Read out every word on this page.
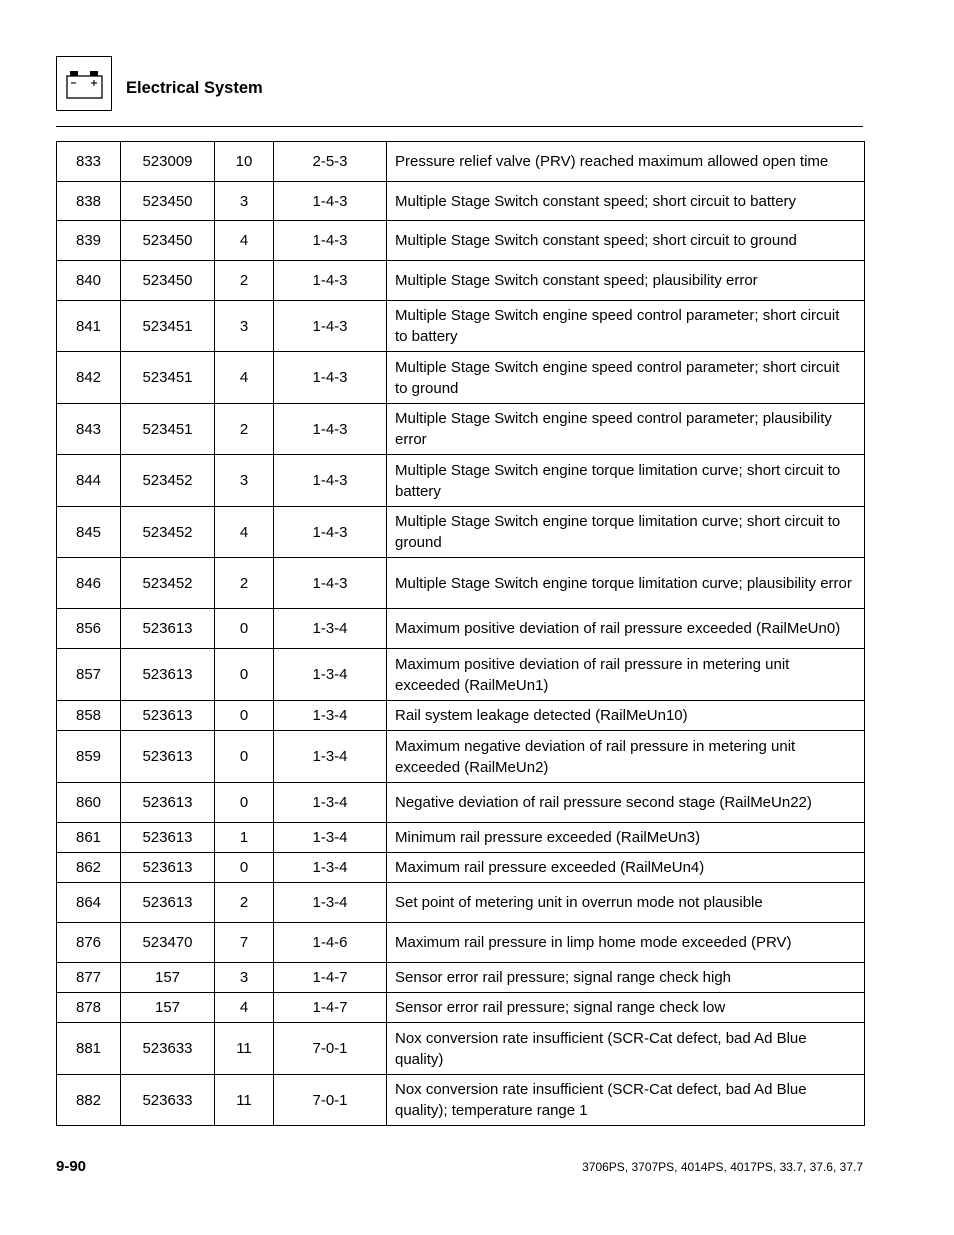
Electrical System
833	523009	10	2-5-3	Pressure relief valve (PRV) reached maximum allowed open time
838	523450	3	1-4-3	Multiple Stage Switch constant speed; short circuit to battery
839	523450	4	1-4-3	Multiple Stage Switch constant speed; short circuit to ground
840	523450	2	1-4-3	Multiple Stage Switch constant speed; plausibility error
841	523451	3	1-4-3	Multiple Stage Switch engine speed control parameter; short circuit to battery
842	523451	4	1-4-3	Multiple Stage Switch engine speed control parameter; short circuit to ground
843	523451	2	1-4-3	Multiple Stage Switch engine speed control parameter; plausibility error
844	523452	3	1-4-3	Multiple Stage Switch engine torque limitation curve; short circuit to battery
845	523452	4	1-4-3	Multiple Stage Switch engine torque limitation curve; short circuit to ground
846	523452	2	1-4-3	Multiple Stage Switch engine torque limitation curve; plausibility error
856	523613	0	1-3-4	Maximum positive deviation of rail pressure exceeded (RailMeUn0)
857	523613	0	1-3-4	Maximum positive deviation of rail pressure in metering unit exceeded (RailMeUn1)
858	523613	0	1-3-4	Rail system leakage detected (RailMeUn10)
859	523613	0	1-3-4	Maximum negative deviation of rail pressure in metering unit exceeded (RailMeUn2)
860	523613	0	1-3-4	Negative deviation of rail pressure second stage (RailMeUn22)
861	523613	1	1-3-4	Minimum rail pressure exceeded (RailMeUn3)
862	523613	0	1-3-4	Maximum rail pressure exceeded (RailMeUn4)
864	523613	2	1-3-4	Set point of metering unit in overrun mode not plausible
876	523470	7	1-4-6	Maximum rail pressure in limp home mode exceeded (PRV)
877	157	3	1-4-7	Sensor error rail pressure; signal range check high
878	157	4	1-4-7	Sensor error rail pressure; signal range check low
881	523633	11	7-0-1	Nox conversion rate insufficient (SCR-Cat defect, bad Ad Blue quality)
882	523633	11	7-0-1	Nox conversion rate insufficient (SCR-Cat defect, bad Ad Blue quality); temperature range 1
9-90	3706PS, 3707PS, 4014PS, 4017PS, 33.7, 37.6, 37.7
